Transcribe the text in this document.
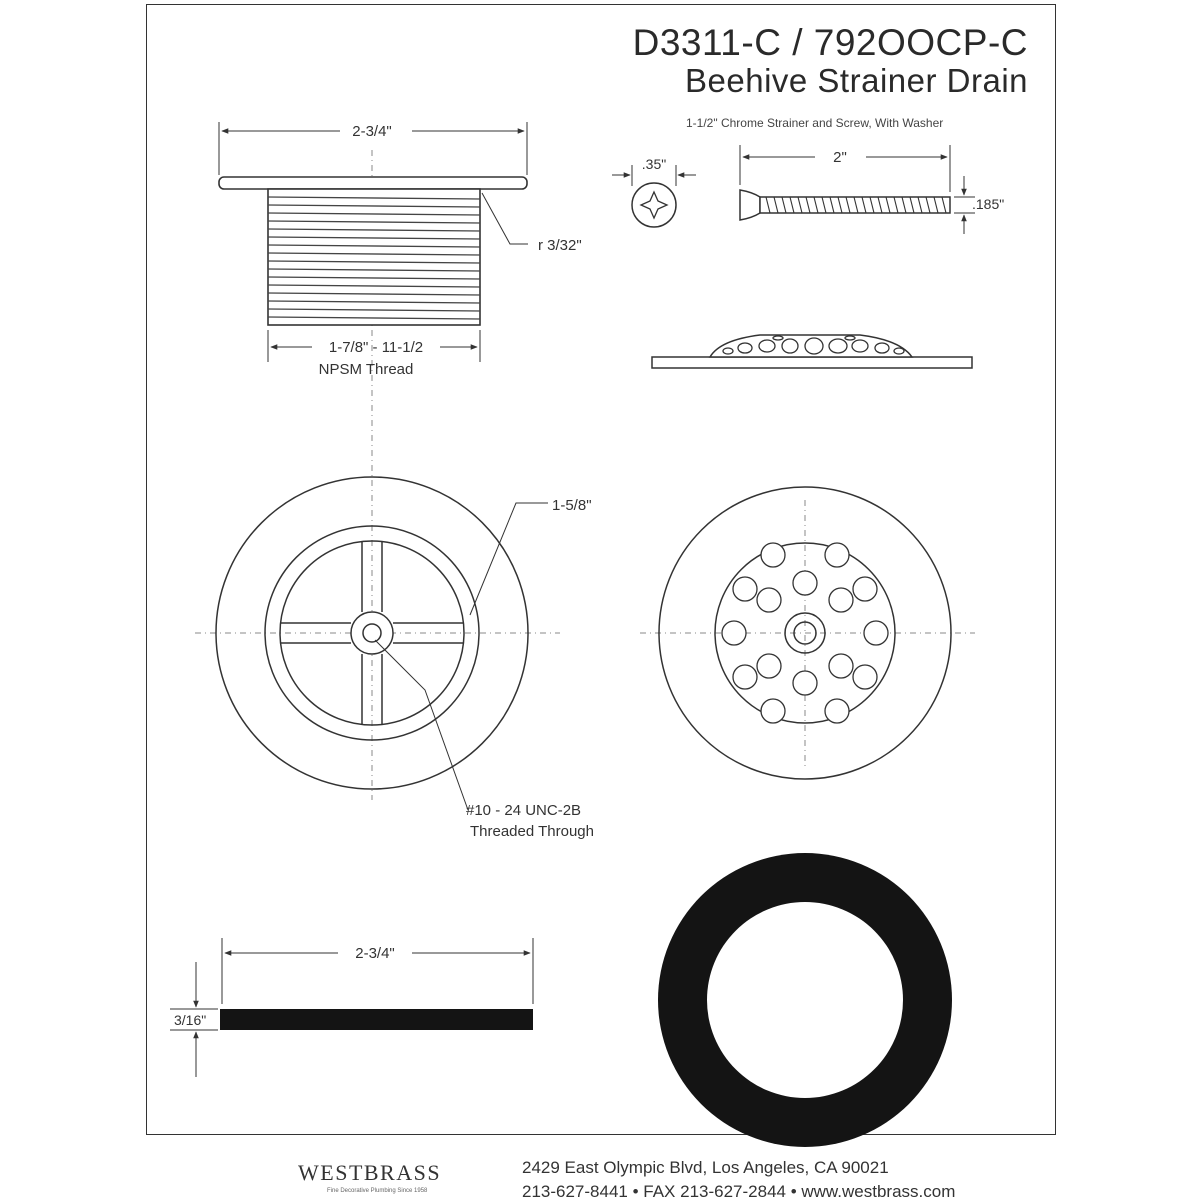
D3311-C / 792OOCP-C
Beehive Strainer Drain
1-1/2" Chrome Strainer and Screw, With Washer
2-3/4"
r 3/32"
1-7/8" - 11-1/2
NPSM Thread
.35"	2"
.185"
1-5/8"
#10 - 24 UNC-2B
Threaded Through
2-3/4"
3/16"
WESTBRASS
Fine Decorative Plumbing Since 1958
2429 East Olympic Blvd, Los Angeles, CA 90021
213-627-8441 • FAX 213-627-2844 • www.westbrass.com
